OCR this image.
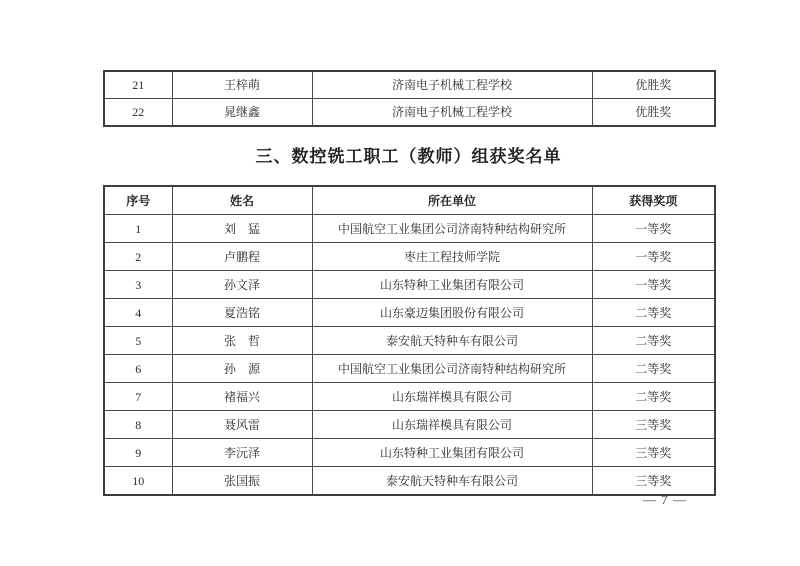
21	王梓萌	济南电子机械工程学校	优胜奖
22	晁继鑫	济南电子机械工程学校	优胜奖
三、数控铣工职工（教师）组获奖名单
序号	姓名	所在单位	获得奖项
1	刘　猛	中国航空工业集团公司济南特种结构研究所	一等奖
2	卢鹏程	枣庄工程技师学院	一等奖
3	孙文泽	山东特种工业集团有限公司	一等奖
4	夏浩铭	山东豪迈集团股份有限公司	二等奖
5	张　哲	泰安航天特种车有限公司	二等奖
6	孙　源	中国航空工业集团公司济南特种结构研究所	二等奖
7	褚福兴	山东瑞祥模具有限公司	二等奖
8	聂风雷	山东瑞祥模具有限公司	三等奖
9	李沅泽	山东特种工业集团有限公司	三等奖
10	张国振	泰安航天特种车有限公司	三等奖
— 7 —
